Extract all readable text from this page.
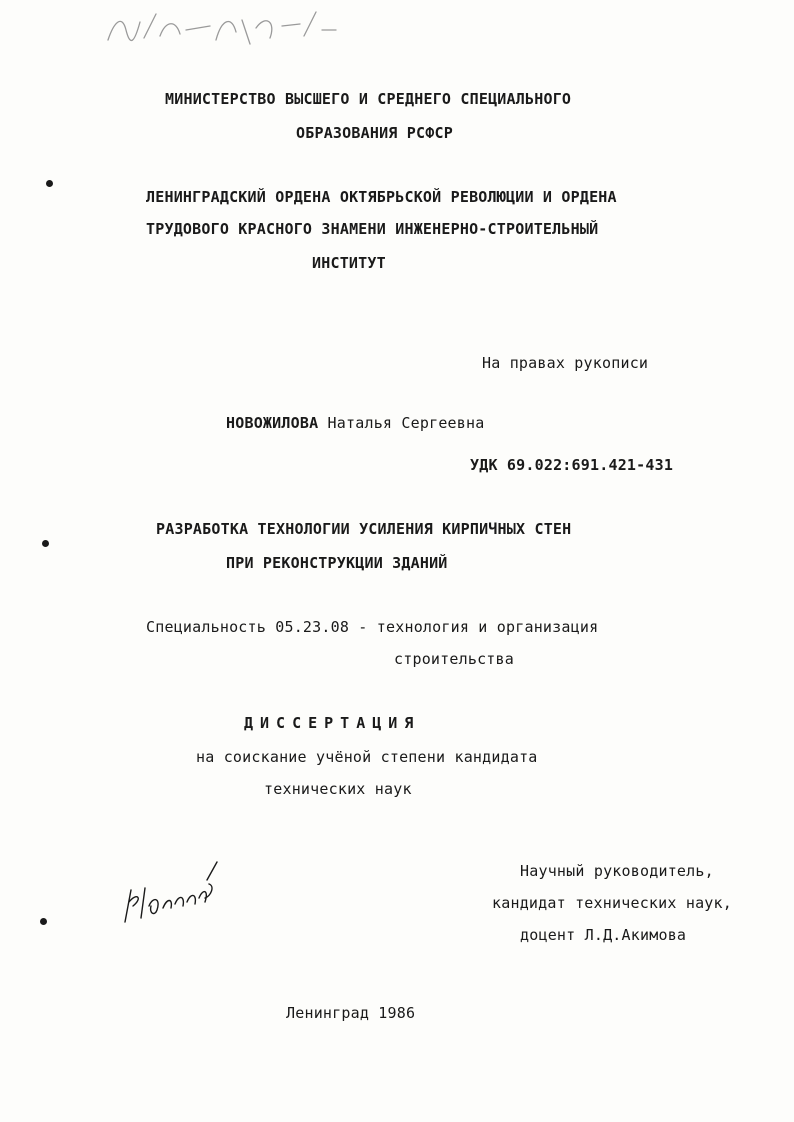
МИНИСТЕРСТВО ВЫСШЕГО И СРЕДНЕГО СПЕЦИАЛЬНОГО
ОБРАЗОВАНИЯ РСФСР
ЛЕНИНГРАДСКИЙ ОРДЕНА ОКТЯБРЬСКОЙ РЕВОЛЮЦИИ И ОРДЕНА
ТРУДОВОГО КРАСНОГО ЗНАМЕНИ ИНЖЕНЕРНО-СТРОИТЕЛЬНЫЙ
ИНСТИТУТ
На правах рукописи
НОВОЖИЛОВА Наталья Сергеевна
УДК 69.022:691.421-431
РАЗРАБОТКА ТЕХНОЛОГИИ УСИЛЕНИЯ КИРПИЧНЫХ СТЕН
ПРИ РЕКОНСТРУКЦИИ ЗДАНИЙ
Специальность 05.23.08 - технология и организация
строительства
ДИССЕРТАЦИЯ
на соискание учёной степени кандидата
технических наук
Научный руководитель,
кандидат технических наук,
доцент Л.Д.Акимова
Ленинград 1986
